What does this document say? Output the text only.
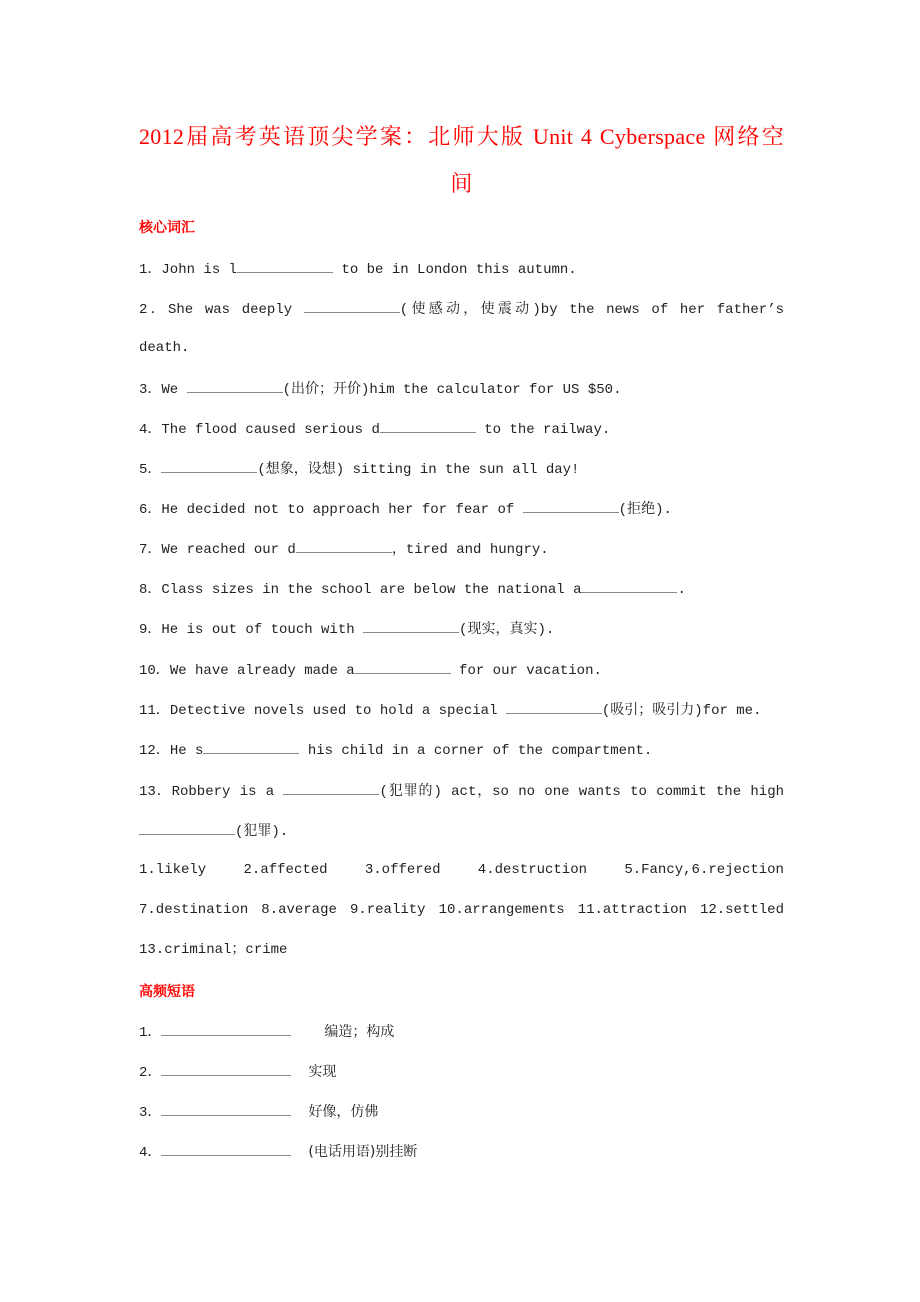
2012届高考英语顶尖学案：北师大版 Unit 4 Cyberspace 网络空
间
核心词汇
1．John is l	to be in London this autumn.
2．She was deeply	(使感动，使震动)by the news of her father’s
death.
3．We	(出价；开价)him the calculator for US $50.
4．The flood caused serious d	to the railway.
5．	(想象，设想) sitting in the sun all day!
6．He decided not to approach her for fear of	(拒绝).
7．We reached our d	，tired and hungry.
8．Class sizes in the school are below the national a	.
9．He is out of touch with	(现实，真实).
10．We have already made a	for our vacation.
11．Detective novels used to hold a special	(吸引；吸引力)for me.
12．He s	his child in a corner of the compartment.
13．Robbery is a	(犯罪的) act，so no one wants to commit the high
(犯罪).
1.likely	2.affected	3.offered	4.destruction	5.Fancy,6.rejection
7.destination 8.average 9.reality 10.arrangements 11.attraction 12.settled
13.criminal；crime
高频短语
1．	编造；构成
2．	实现
3．	好像，仿佛
4．	(电话用语)别挂断
